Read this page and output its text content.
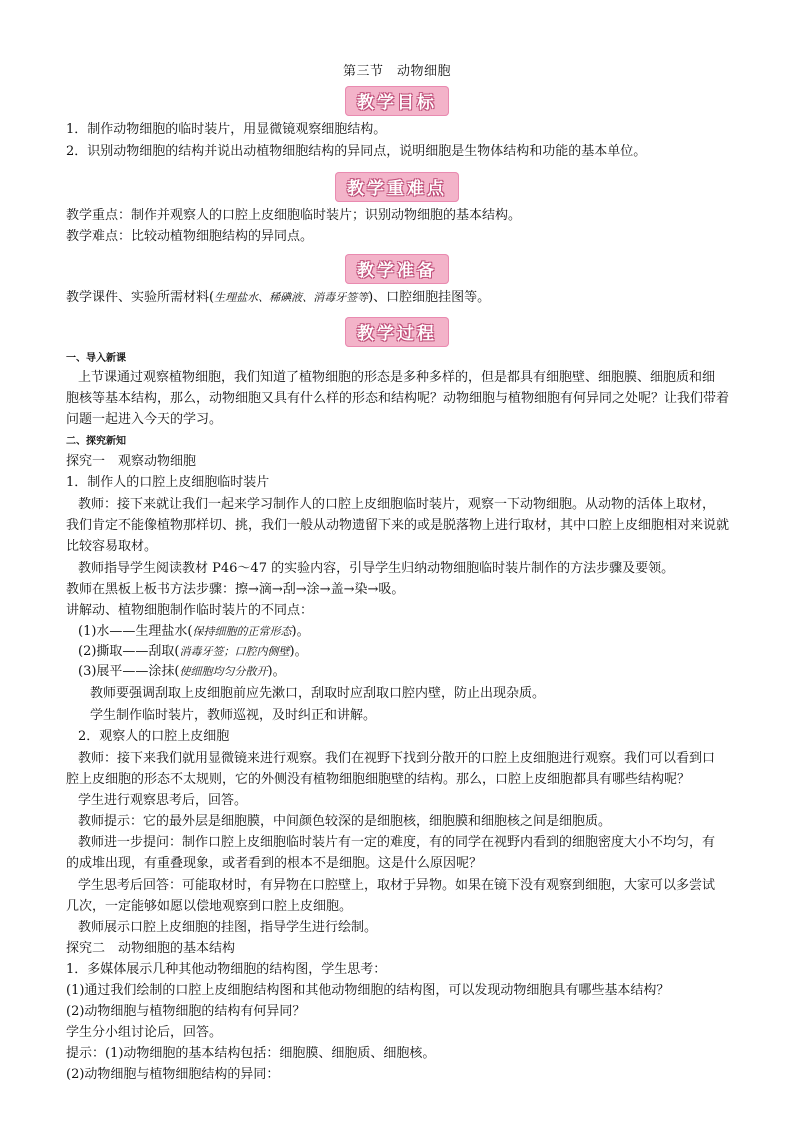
第三节　动物细胞
教学目标
1．制作动物细胞的临时装片，用显微镜观察细胞结构。
2．识别动物细胞的结构并说出动植物细胞结构的异同点，说明细胞是生物体结构和功能的基本单位。
教学重难点
教学重点：制作并观察人的口腔上皮细胞临时装片；识别动物细胞的基本结构。
教学难点：比较动植物细胞结构的异同点。
教学准备
教学课件、实验所需材料(生理盐水、稀碘液、消毒牙签等)、口腔细胞挂图等。
教学过程
一、导入新课
上节课通过观察植物细胞，我们知道了植物细胞的形态是多种多样的，但是都具有细胞壁、细胞膜、细胞质和细
胞核等基本结构，那么，动物细胞又具有什么样的形态和结构呢？动物细胞与植物细胞有何异同之处呢？让我们带着
问题一起进入今天的学习。
二、探究新知
探究一　观察动物细胞
1．制作人的口腔上皮细胞临时装片
教师：接下来就让我们一起来学习制作人的口腔上皮细胞临时装片，观察一下动物细胞。从动物的活体上取材，
我们肯定不能像植物那样切、挑，我们一般从动物遗留下来的或是脱落物上进行取材，其中口腔上皮细胞相对来说就
比较容易取材。
教师指导学生阅读教材 P46～47 的实验内容，引导学生归纳动物细胞临时装片制作的方法步骤及要领。
教师在黑板上板书方法步骤：擦→滴→刮→涂→盖→染→吸。
讲解动、植物细胞制作临时装片的不同点：
(1)水——生理盐水(保持细胞的正常形态)。
(2)撕取——刮取(消毒牙签；口腔内侧壁)。
(3)展平——涂抹(使细胞均匀分散开)。
教师要强调刮取上皮细胞前应先漱口，刮取时应刮取口腔内壁，防止出现杂质。
学生制作临时装片，教师巡视，及时纠正和讲解。
2．观察人的口腔上皮细胞
教师：接下来我们就用显微镜来进行观察。我们在视野下找到分散开的口腔上皮细胞进行观察。我们可以看到口
腔上皮细胞的形态不太规则，它的外侧没有植物细胞细胞壁的结构。那么，口腔上皮细胞都具有哪些结构呢？
学生进行观察思考后，回答。
教师提示：它的最外层是细胞膜，中间颜色较深的是细胞核，细胞膜和细胞核之间是细胞质。
教师进一步提问：制作口腔上皮细胞临时装片有一定的难度，有的同学在视野内看到的细胞密度大小不均匀，有
的成堆出现，有重叠现象，或者看到的根本不是细胞。这是什么原因呢？
学生思考后回答：可能取材时，有异物在口腔壁上，取材于异物。如果在镜下没有观察到细胞，大家可以多尝试
几次，一定能够如愿以偿地观察到口腔上皮细胞。
教师展示口腔上皮细胞的挂图，指导学生进行绘制。
探究二　动物细胞的基本结构
1．多媒体展示几种其他动物细胞的结构图，学生思考：
(1)通过我们绘制的口腔上皮细胞结构图和其他动物细胞的结构图，可以发现动物细胞具有哪些基本结构？
(2)动物细胞与植物细胞的结构有何异同？
学生分小组讨论后，回答。
提示：(1)动物细胞的基本结构包括：细胞膜、细胞质、细胞核。
(2)动物细胞与植物细胞结构的异同：
